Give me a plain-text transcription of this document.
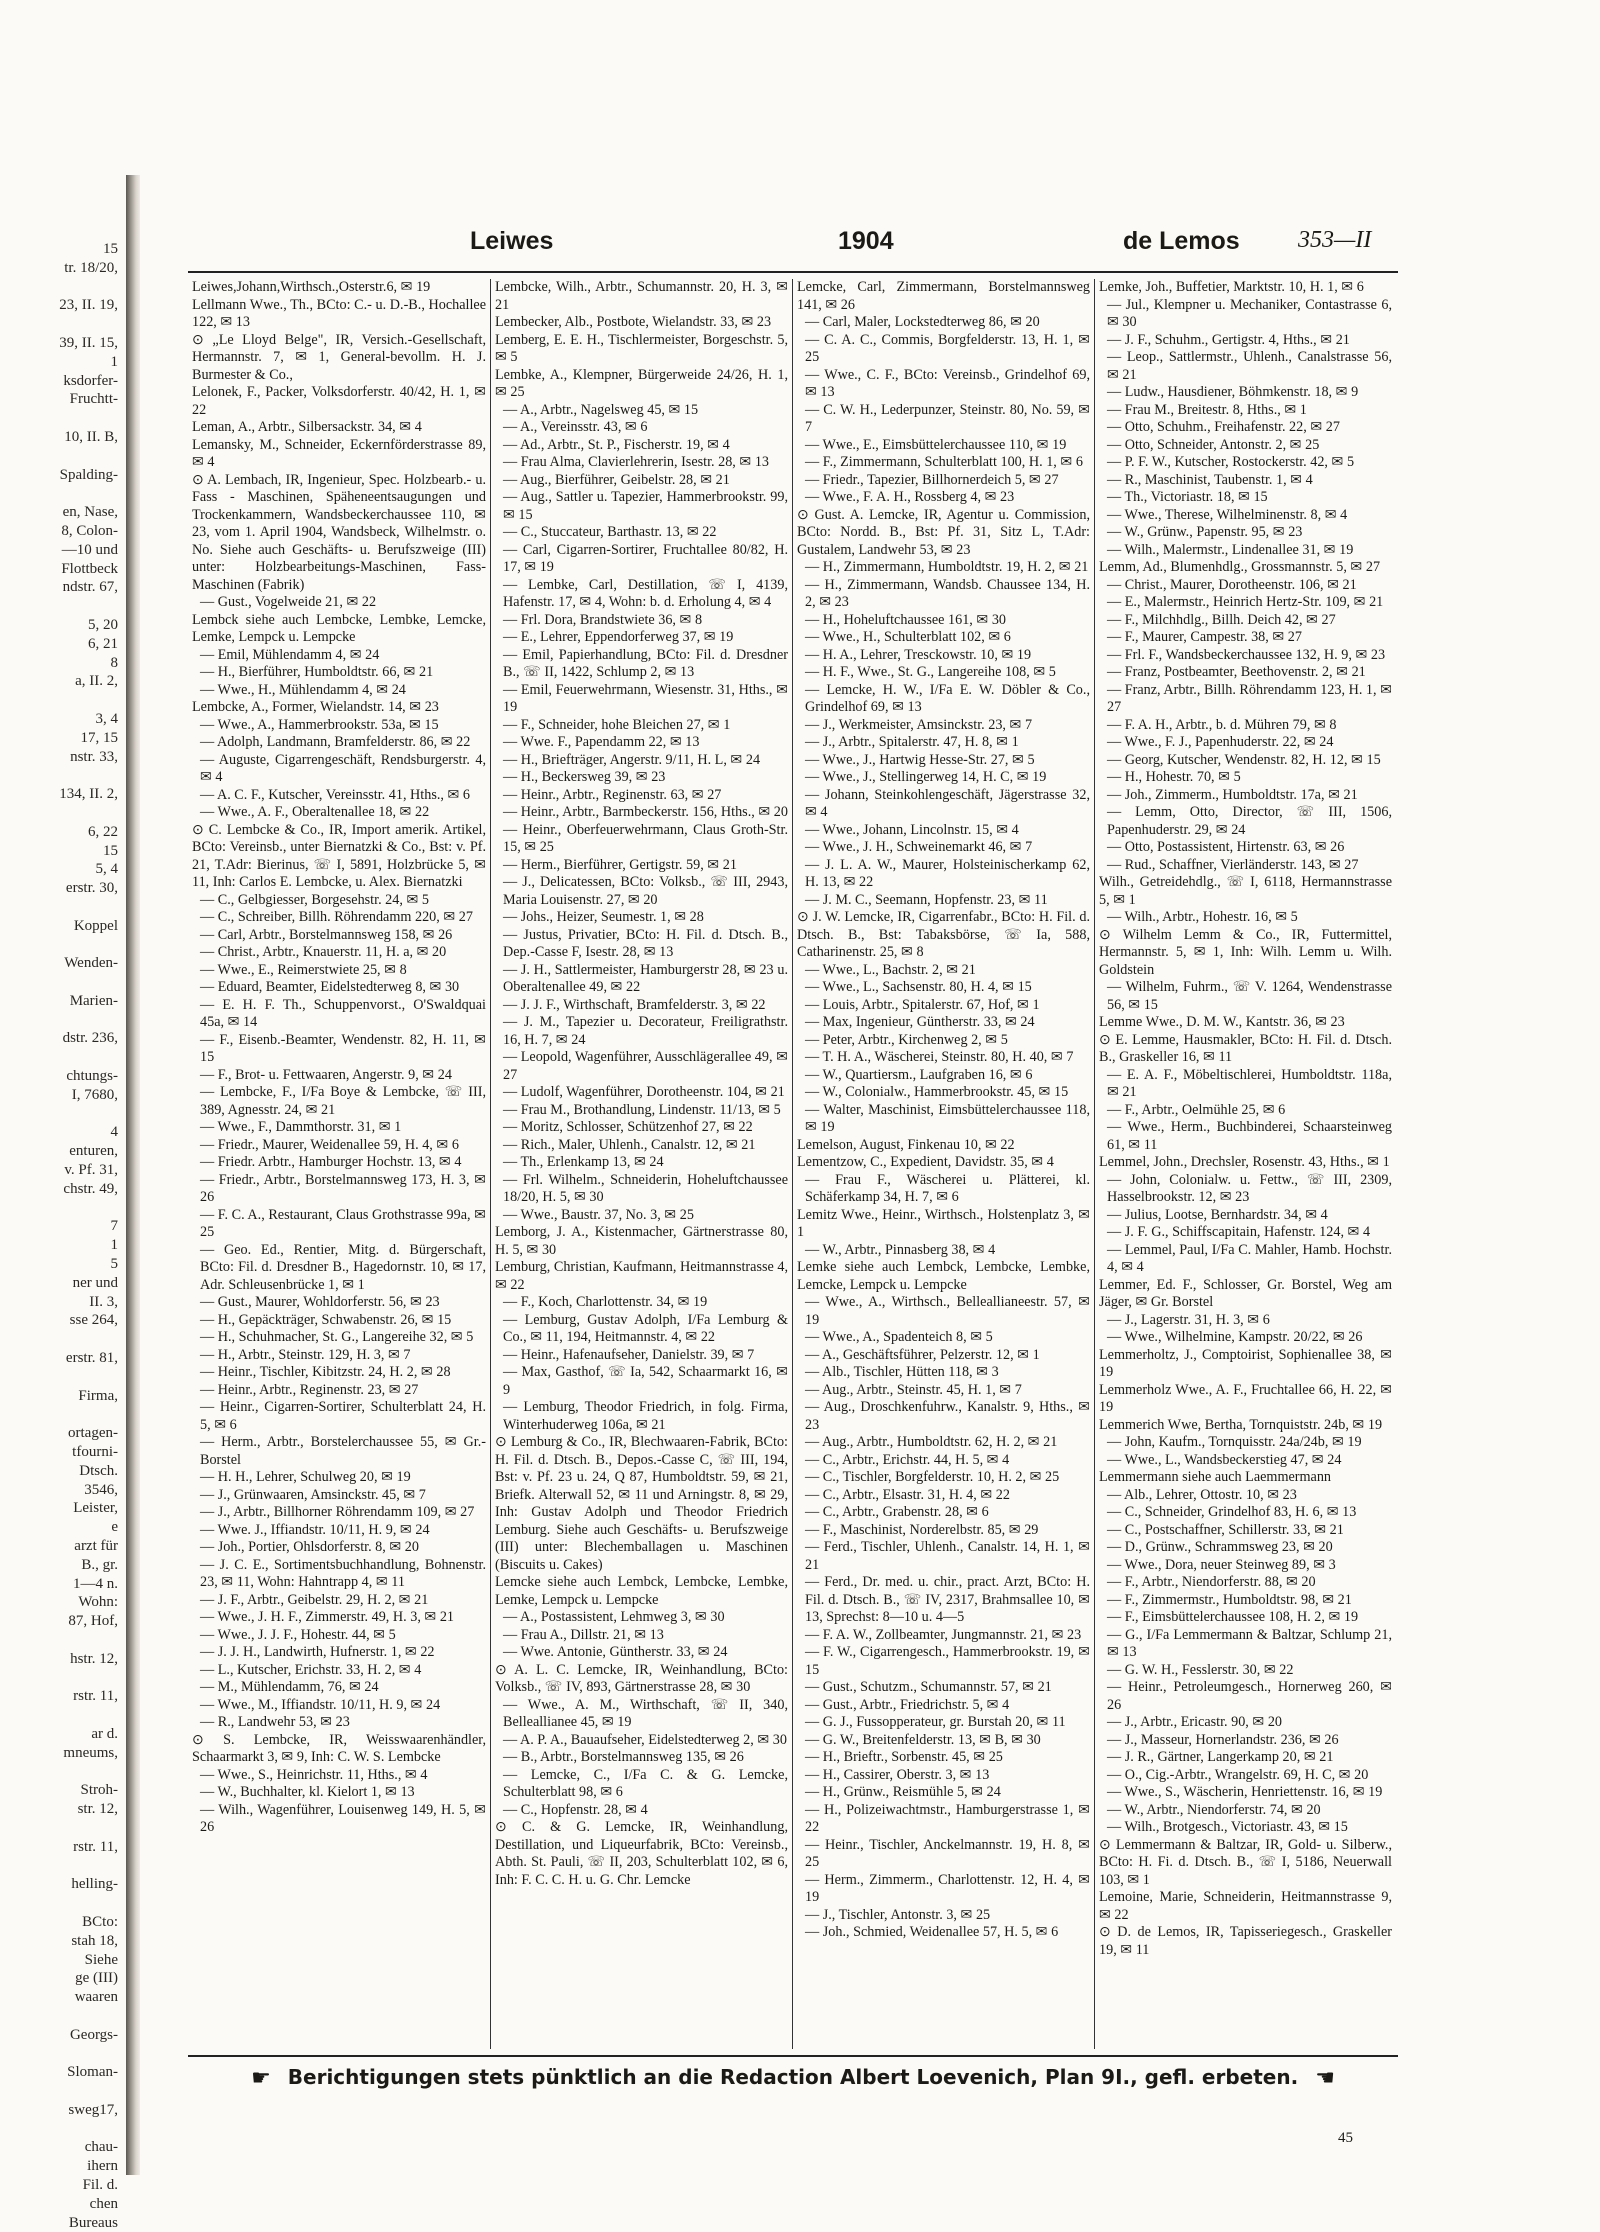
15
tr. 18/20,

23, II. 19,

39, II. 15,
1
ksdorfer-
Fruchtt-

10, II. B,

Spalding-

en, Nase,
8, Colon-
—10 und
Flottbeck
ndstr. 67,

5, 20
6, 21
8
a, II. 2,

3, 4
17, 15
nstr. 33,

134, II. 2,

6, 22
15
5, 4
erstr. 30,

Koppel

Wenden-

Marien-

dstr. 236,

chtungs-
I, 7680,

4
enturen,
v. Pf. 31,
chstr. 49,

7
1
5
ner und
II. 3,
sse 264,

erstr. 81,

Firma,

ortagen-
tfourni-
Dtsch.
3546,
Leister,
e
arzt für
B., gr.
1—4 n.
Wohn:
87, Hof,

hstr. 12,

rstr. 11,

ar d.
mneums,

Stroh-
str. 12,

rstr. 11,

helling-

BCto:
stah 18,
Siehe
ge (III)
waaren

Georgs-

Sloman-

sweg17,

chau-
ihern
Fil. d.
chen
Bureaus
Leiwes	1904	de Lemos 353—II

Leiwes,Johann,Wirthsch.,Osterstr.6, ✉ 19

Lellmann Wwe., Th., BCto: C.- u. D.-B., Hochallee 122, ✉ 13

⊙ „Le Lloyd Belge", IR, Versich.-Gesellschaft, Hermannstr. 7, ✉ 1, General-bevollm. H. J. Burmester & Co.,

Lelonek, F., Packer, Volksdorferstr. 40/42, H. 1, ✉ 22

Leman, A., Arbtr., Silbersackstr. 34, ✉ 4

Lemansky, M., Schneider, Eckernförderstrasse 89, ✉ 4

⊙ A. Lembach, IR, Ingenieur, Spec. Holzbearb.- u. Fass - Maschinen, Späheneentsaugungen und Trockenkammern, Wandsbeckerchaussee 110, ✉ 23, vom 1. April 1904, Wandsbeck, Wilhelmstr. o. No. Siehe auch Geschäfts- u. Berufszweige (III) unter: Holzbearbeitungs-Maschinen, Fass-Maschinen (Fabrik)

— Gust., Vogelweide 21, ✉ 22

Lembck siehe auch Lembcke, Lembke, Lemcke, Lemke, Lempck u. Lempcke

— Emil, Mühlendamm 4, ✉ 24

— H., Bierführer, Humboldtstr. 66, ✉ 21

— Wwe., H., Mühlendamm 4, ✉ 24

Lembcke, A., Former, Wielandstr. 14, ✉ 23

— Wwe., A., Hammerbrookstr. 53a, ✉ 15

— Adolph, Landmann, Bramfelderstr. 86, ✉ 22

— Auguste, Cigarrengeschäft, Rendsburgerstr. 4, ✉ 4

— A. C. F., Kutscher, Vereinsstr. 41, Hths., ✉ 6

— Wwe., A. F., Oberaltenallee 18, ✉ 22

⊙ C. Lembcke & Co., IR, Import amerik. Artikel, BCto: Vereinsb., unter Biernatzki & Co., Bst: v. Pf. 21, T.Adr: Bierinus, ☏ I, 5891, Holzbrücke 5, ✉ 11, Inh: Carlos E. Lembcke, u. Alex. Biernatzki

— C., Gelbgiesser, Borgesehstr. 24, ✉ 5

— C., Schreiber, Billh. Röhrendamm 220, ✉ 27

— Carl, Arbtr., Borstelmannsweg 158, ✉ 26

— Christ., Arbtr., Knauerstr. 11, H. a, ✉ 20

— Wwe., E., Reimerstwiete 25, ✉ 8

— Eduard, Beamter, Eidelstedterweg 8, ✉ 30

— E. H. F. Th., Schuppenvorst., O'Swaldquai 45a, ✉ 14

— F., Eisenb.-Beamter, Wendenstr. 82, H. 11, ✉ 15

— F., Brot- u. Fettwaaren, Angerstr. 9, ✉ 24

— Lembcke, F., I/Fa Boye & Lembcke, ☏ III, 389, Agnesstr. 24, ✉ 21

— Wwe., F., Dammthorstr. 31, ✉ 1

— Friedr., Maurer, Weidenallee 59, H. 4, ✉ 6

— Friedr. Arbtr., Hamburger Hochstr. 13, ✉ 4

— Friedr., Arbtr., Borstelmannsweg 173, H. 3, ✉ 26

— F. C. A., Restaurant, Claus Grothstrasse 99a, ✉ 25

— Geo. Ed., Rentier, Mitg. d. Bürgerschaft, BCto: Fil. d. Dresdner B., Hagedornstr. 10, ✉ 17, Adr. Schleusenbrücke 1, ✉ 1

— Gust., Maurer, Wohldorferstr. 56, ✉ 23

— H., Gepäckträger, Schwabenstr. 26, ✉ 15

— H., Schuhmacher, St. G., Langereihe 32, ✉ 5

— H., Arbtr., Steinstr. 129, H. 3, ✉ 7

— Heinr., Tischler, Kibitzstr. 24, H. 2, ✉ 28

— Heinr., Arbtr., Reginenstr. 23, ✉ 27

— Heinr., Cigarren-Sortirer, Schulterblatt 24, H. 5, ✉ 6

— Herm., Arbtr., Borstelerchaussee 55, ✉ Gr.-Borstel

— H. H., Lehrer, Schulweg 20, ✉ 19

— J., Grünwaaren, Amsinckstr. 45, ✉ 7

— J., Arbtr., Billhorner Röhrendamm 109, ✉ 27

— Wwe. J., Iffiandstr. 10/11, H. 9, ✉ 24

— Joh., Portier, Ohlsdorferstr. 8, ✉ 20

— J. C. E., Sortimentsbuchhandlung, Bohnenstr. 23, ✉ 11, Wohn: Hahntrapp 4, ✉ 11

— J. F., Arbtr., Geibelstr. 29, H. 2, ✉ 21

— Wwe., J. H. F., Zimmerstr. 49, H. 3, ✉ 21

— Wwe., J. J. F., Hohestr. 44, ✉ 5

— J. J. H., Landwirth, Hufnerstr. 1, ✉ 22

— L., Kutscher, Erichstr. 33, H. 2, ✉ 4

— M., Mühlendamm, 76, ✉ 24

— Wwe., M., Iffiandstr. 10/11, H. 9, ✉ 24

— R., Landwehr 53, ✉ 23

⊙ S. Lembcke, IR, Weisswaarenhändler, Schaarmarkt 3, ✉ 9, Inh: C. W. S. Lembcke

— Wwe., S., Heinrichstr. 11, Hths., ✉ 4

— W., Buchhalter, kl. Kielort 1, ✉ 13

— Wilh., Wagenführer, Louisenweg 149, H. 5, ✉ 26

Lembcke, Wilh., Arbtr., Schumannstr. 20, H. 3, ✉ 21

Lembecker, Alb., Postbote, Wielandstr. 33, ✉ 23

Lemberg, E. E. H., Tischlermeister, Borgeschstr. 5, ✉ 5

Lembke, A., Klempner, Bürgerweide 24/26, H. 1, ✉ 25

— A., Arbtr., Nagelsweg 45, ✉ 15

— A., Vereinsstr. 43, ✉ 6

— Ad., Arbtr., St. P., Fischerstr. 19, ✉ 4

— Frau Alma, Clavierlehrerin, Isestr. 28, ✉ 13

— Aug., Bierführer, Geibelstr. 28, ✉ 21

— Aug., Sattler u. Tapezier, Hammerbrookstr. 99, ✉ 15

— C., Stuccateur, Barthastr. 13, ✉ 22

— Carl, Cigarren-Sortirer, Fruchtallee 80/82, H. 17, ✉ 19

— Lembke, Carl, Destillation, ☏ I, 4139, Hafenstr. 17, ✉ 4, Wohn: b. d. Erholung 4, ✉ 4

— Frl. Dora, Brandstwiete 36, ✉ 8

— E., Lehrer, Eppendorferweg 37, ✉ 19

— Emil, Papierhandlung, BCto: Fil. d. Dresdner B., ☏ II, 1422, Schlump 2, ✉ 13

— Emil, Feuerwehrmann, Wiesenstr. 31, Hths., ✉ 19

— F., Schneider, hohe Bleichen 27, ✉ 1

— Wwe. F., Papendamm 22, ✉ 13

— H., Briefträger, Angerstr. 9/11, H. L, ✉ 24

— H., Beckersweg 39, ✉ 23

— Heinr., Arbtr., Reginenstr. 63, ✉ 27

— Heinr., Arbtr., Barmbeckerstr. 156, Hths., ✉ 20

— Heinr., Oberfeuerwehrmann, Claus Groth-Str. 15, ✉ 25

— Herm., Bierführer, Gertigstr. 59, ✉ 21

— J., Delicatessen, BCto: Volksb., ☏ III, 2943, Maria Louisenstr. 27, ✉ 20

— Johs., Heizer, Seumestr. 1, ✉ 28

— Justus, Privatier, BCto: H. Fil. d. Dtsch. B., Dep.-Casse F, Isestr. 28, ✉ 13

— J. H., Sattlermeister, Hamburgerstr 28, ✉ 23 u. Oberaltenallee 49, ✉ 22

— J. J. F., Wirthschaft, Bramfelderstr. 3, ✉ 22

— J. M., Tapezier u. Decorateur, Freiligrathstr. 16, H. 7, ✉ 24

— Leopold, Wagenführer, Ausschlägerallee 49, ✉ 27

— Ludolf, Wagenführer, Dorotheenstr. 104, ✉ 21

— Frau M., Brothandlung, Lindenstr. 11/13, ✉ 5

— Moritz, Schlosser, Schützenhof 27, ✉ 22

— Rich., Maler, Uhlenh., Canalstr. 12, ✉ 21

— Th., Erlenkamp 13, ✉ 24

— Frl. Wilhelm., Schneiderin, Hoheluftchaussee 18/20, H. 5, ✉ 30

— Wwe., Baustr. 37, No. 3, ✉ 25

Lemborg, J. A., Kistenmacher, Gärtnerstrasse 80, H. 5, ✉ 30

Lemburg, Christian, Kaufmann, Heitmannstrasse 4, ✉ 22

— F., Koch, Charlottenstr. 34, ✉ 19

— Lemburg, Gustav Adolph, I/Fa Lemburg & Co., ✉ 11, 194, Heitmannstr. 4, ✉ 22

— Heinr., Hafenaufseher, Danielstr. 39, ✉ 7

— Max, Gasthof, ☏ Ia, 542, Schaarmarkt 16, ✉ 9

— Lemburg, Theodor Friedrich, in folg. Firma, Winterhuderweg 106a, ✉ 21

⊙ Lemburg & Co., IR, Blechwaaren-Fabrik, BCto: H. Fil. d. Dtsch. B., Depos.-Casse C, ☏ III, 194, Bst: v. Pf. 23 u. 24, Q 87, Humboldtstr. 59, ✉ 21, Briefk. Alterwall 52, ✉ 11 und Arningstr. 8, ✉ 29, Inh: Gustav Adolph und Theodor Friedrich Lemburg. Siehe auch Geschäfts- u. Berufszweige (III) unter: Blechemballagen u. Maschinen (Biscuits u. Cakes)

Lemcke siehe auch Lembck, Lembcke, Lembke, Lemke, Lempck u. Lempcke

— A., Postassistent, Lehmweg 3, ✉ 30

— Frau A., Dillstr. 21, ✉ 13

— Wwe. Antonie, Güntherstr. 33, ✉ 24

⊙ A. L. C. Lemcke, IR, Weinhandlung, BCto: Volksb., ☏ IV, 893, Gärtnerstrasse 28, ✉ 30

— Wwe., A. M., Wirthschaft, ☏ II, 340, Belleallianee 45, ✉ 19

— A. P. A., Bauaufseher, Eidelstedterweg 2, ✉ 30

— B., Arbtr., Borstelmannsweg 135, ✉ 26

— Lemcke, C., I/Fa C. & G. Lemcke, Schulterblatt 98, ✉ 6

— C., Hopfenstr. 28, ✉ 4

⊙ C. & G. Lemcke, IR, Weinhandlung, Destillation, und Liqueurfabrik, BCto: Vereinsb., Abth. St. Pauli, ☏ II, 203, Schulterblatt 102, ✉ 6, Inh: F. C. C. H. u. G. Chr. Lemcke

Lemcke, Carl, Zimmermann, Borstelmannsweg 141, ✉ 26

— Carl, Maler, Lockstedterweg 86, ✉ 20

— C. A. C., Commis, Borgfelderstr. 13, H. 1, ✉ 25

— Wwe., C. F., BCto: Vereinsb., Grindelhof 69, ✉ 13

— C. W. H., Lederpunzer, Steinstr. 80, No. 59, ✉ 7

— Wwe., E., Eimsbüttelerchaussee 110, ✉ 19

— F., Zimmermann, Schulterblatt 100, H. 1, ✉ 6

— Friedr., Tapezier, Billhornerdeich 5, ✉ 27

— Wwe., F. A. H., Rossberg 4, ✉ 23

⊙ Gust. A. Lemcke, IR, Agentur u. Commission, BCto: Nordd. B., Bst: Pf. 31, Sitz L, T.Adr: Gustalem, Landwehr 53, ✉ 23

— H., Zimmermann, Humboldtstr. 19, H. 2, ✉ 21

— H., Zimmermann, Wandsb. Chaussee 134, H. 2, ✉ 23

— H., Hoheluftchaussee 161, ✉ 30

— Wwe., H., Schulterblatt 102, ✉ 6

— H. A., Lehrer, Tresckowstr. 10, ✉ 19

— H. F., Wwe., St. G., Langereihe 108, ✉ 5

— Lemcke, H. W., I/Fa E. W. Döbler & Co., Grindelhof 69, ✉ 13

— J., Werkmeister, Amsinckstr. 23, ✉ 7

— J., Arbtr., Spitalerstr. 47, H. 8, ✉ 1

— Wwe., J., Hartwig Hesse-Str. 27, ✉ 5

— Wwe., J., Stellingerweg 14, H. C, ✉ 19

— Johann, Steinkohlengeschäft, Jägerstrasse 32, ✉ 4

— Wwe., Johann, Lincolnstr. 15, ✉ 4

— Wwe., J. H., Schweinemarkt 46, ✉ 7

— J. L. A. W., Maurer, Holsteinischerkamp 62, H. 13, ✉ 22

— J. M. C., Seemann, Hopfenstr. 23, ✉ 11

⊙ J. W. Lemcke, IR, Cigarrenfabr., BCto: H. Fil. d. Dtsch. B., Bst: Tabaksbörse, ☏ Ia, 588, Catharinenstr. 25, ✉ 8

— Wwe., L., Bachstr. 2, ✉ 21

— Wwe., L., Sachsenstr. 80, H. 4, ✉ 15

— Louis, Arbtr., Spitalerstr. 67, Hof, ✉ 1

— Max, Ingenieur, Güntherstr. 33, ✉ 24

— Peter, Arbtr., Kirchenweg 2, ✉ 5

— T. H. A., Wäscherei, Steinstr. 80, H. 40, ✉ 7

— W., Quartiersm., Laufgraben 16, ✉ 6

— W., Colonialw., Hammerbrookstr. 45, ✉ 15

— Walter, Maschinist, Eimsbüttelerchaussee 118, ✉ 19

Lemelson, August, Finkenau 10, ✉ 22

Lementzow, C., Expedient, Davidstr. 35, ✉ 4

— Frau F., Wäscherei u. Plätterei, kl. Schäferkamp 34, H. 7, ✉ 6

Lemitz Wwe., Heinr., Wirthsch., Holstenplatz 3, ✉ 1

— W., Arbtr., Pinnasberg 38, ✉ 4

Lemke siehe auch Lembck, Lembcke, Lembke, Lemcke, Lempck u. Lempcke

— Wwe., A., Wirthsch., Belleallianeestr. 57, ✉ 19

— Wwe., A., Spadenteich 8, ✉ 5

— A., Geschäftsführer, Pelzerstr. 12, ✉ 1

— Alb., Tischler, Hütten 118, ✉ 3

— Aug., Arbtr., Steinstr. 45, H. 1, ✉ 7

— Aug., Droschkenfuhrw., Kanalstr. 9, Hths., ✉ 23

— Aug., Arbtr., Humboldtstr. 62, H. 2, ✉ 21

— C., Arbtr., Erichstr. 44, H. 5, ✉ 4

— C., Tischler, Borgfelderstr. 10, H. 2, ✉ 25

— C., Arbtr., Elsastr. 31, H. 4, ✉ 22

— C., Arbtr., Grabenstr. 28, ✉ 6

— F., Maschinist, Norderelbstr. 85, ✉ 29

— Ferd., Tischler, Uhlenh., Canalstr. 14, H. 1, ✉ 21

— Ferd., Dr. med. u. chir., pract. Arzt, BCto: H. Fil. d. Dtsch. B., ☏ IV, 2317, Brahmsallee 10, ✉ 13, Sprechst: 8—10 u. 4—5

— F. A. W., Zollbeamter, Jungmannstr. 21, ✉ 23

— F. W., Cigarrengesch., Hammerbrookstr. 19, ✉ 15

— Gust., Schutzm., Schumannstr. 57, ✉ 21

— Gust., Arbtr., Friedrichstr. 5, ✉ 4

— G. J., Fussopperateur, gr. Burstah 20, ✉ 11

— G. W., Breitenfelderstr. 13, ✉ B, ✉ 30

— H., Brieftr., Sorbenstr. 45, ✉ 25

— H., Cassirer, Oberstr. 3, ✉ 13

— H., Grünw., Reismühle 5, ✉ 24

— H., Polizeiwachtmstr., Hamburgerstrasse 1, ✉ 22

— Heinr., Tischler, Anckelmannstr. 19, H. 8, ✉ 25

— Herm., Zimmerm., Charlottenstr. 12, H. 4, ✉ 19

— J., Tischler, Antonstr. 3, ✉ 25

— Joh., Schmied, Weidenallee 57, H. 5, ✉ 6

Lemke, Joh., Buffetier, Marktstr. 10, H. 1, ✉ 6

— Jul., Klempner u. Mechaniker, Contastrasse 6, ✉ 30

— J. F., Schuhm., Gertigstr. 4, Hths., ✉ 21

— Leop., Sattlermstr., Uhlenh., Canalstrasse 56, ✉ 21

— Ludw., Hausdiener, Böhmkenstr. 18, ✉ 9

— Frau M., Breitestr. 8, Hths., ✉ 1

— Otto, Schuhm., Freihafenstr. 22, ✉ 27

— Otto, Schneider, Antonstr. 2, ✉ 25

— P. F. W., Kutscher, Rostockerstr. 42, ✉ 5

— R., Maschinist, Taubenstr. 1, ✉ 4

— Th., Victoriastr. 18, ✉ 15

— Wwe., Therese, Wilhelminenstr. 8, ✉ 4

— W., Grünw., Papenstr. 95, ✉ 23

— Wilh., Malermstr., Lindenallee 31, ✉ 19

Lemm, Ad., Blumenhdlg., Grossmannstr. 5, ✉ 27

— Christ., Maurer, Dorotheenstr. 106, ✉ 21

— E., Malermstr., Heinrich Hertz-Str. 109, ✉ 21

— F., Milchhdlg., Billh. Deich 42, ✉ 27

— F., Maurer, Campestr. 38, ✉ 27

— Frl. F., Wandsbeckerchaussee 132, H. 9, ✉ 23

— Franz, Postbeamter, Beethovenstr. 2, ✉ 21

— Franz, Arbtr., Billh. Röhrendamm 123, H. 1, ✉ 27

— F. A. H., Arbtr., b. d. Mühren 79, ✉ 8

— Wwe., F. J., Papenhuderstr. 22, ✉ 24

— Georg, Kutscher, Wendenstr. 82, H. 12, ✉ 15

— H., Hohestr. 70, ✉ 5

— Joh., Zimmerm., Humboldtstr. 17a, ✉ 21

— Lemm, Otto, Director, ☏ III, 1506, Papenhuderstr. 29, ✉ 24

— Otto, Postassistent, Hirtenstr. 63, ✉ 26

— Rud., Schaffner, Vierländerstr. 143, ✉ 27

Wilh., Getreidehdlg., ☏ I, 6118, Hermannstrasse 5, ✉ 1

— Wilh., Arbtr., Hohestr. 16, ✉ 5

⊙ Wilhelm Lemm & Co., IR, Futtermittel, Hermannstr. 5, ✉ 1, Inh: Wilh. Lemm u. Wilh. Goldstein

— Wilhelm, Fuhrm., ☏ V. 1264, Wendenstrasse 56, ✉ 15

Lemme Wwe., D. M. W., Kantstr. 36, ✉ 23

⊙ E. Lemme, Hausmakler, BCto: H. Fil. d. Dtsch. B., Graskeller 16, ✉ 11

— E. A. F., Möbeltischlerei, Humboldtstr. 118a, ✉ 21

— F., Arbtr., Oelmühle 25, ✉ 6

— Wwe., Herm., Buchbinderei, Schaarsteinweg 61, ✉ 11

Lemmel, John., Drechsler, Rosenstr. 43, Hths., ✉ 1

— John, Colonialw. u. Fettw., ☏ III, 2309, Hasselbrookstr. 12, ✉ 23

— Julius, Lootse, Bernhardstr. 34, ✉ 4

— J. F. G., Schiffscapitain, Hafenstr. 124, ✉ 4

— Lemmel, Paul, I/Fa C. Mahler, Hamb. Hochstr. 4, ✉ 4

Lemmer, Ed. F., Schlosser, Gr. Borstel, Weg am Jäger, ✉ Gr. Borstel

— J., Lagerstr. 31, H. 3, ✉ 6

— Wwe., Wilhelmine, Kampstr. 20/22, ✉ 26

Lemmerholtz, J., Comptoirist, Sophienallee 38, ✉ 19

Lemmerholz Wwe., A. F., Fruchtallee 66, H. 22, ✉ 19

Lemmerich Wwe, Bertha, Tornquiststr. 24b, ✉ 19

— John, Kaufm., Tornquisstr. 24a/24b, ✉ 19

— Wwe., L., Wandsbeckerstieg 47, ✉ 24

Lemmermann siehe auch Laemmermann

— Alb., Lehrer, Ottostr. 10, ✉ 23

— C., Schneider, Grindelhof 83, H. 6, ✉ 13

— C., Postschaffner, Schillerstr. 33, ✉ 21

— D., Grünw., Schrammsweg 23, ✉ 20

— Wwe., Dora, neuer Steinweg 89, ✉ 3

— F., Arbtr., Niendorferstr. 88, ✉ 20

— F., Zimmermstr., Humboldtstr. 98, ✉ 21

— F., Eimsbüttelerchaussee 108, H. 2, ✉ 19

— G., I/Fa Lemmermann & Baltzar, Schlump 21, ✉ 13

— G. W. H., Fesslerstr. 30, ✉ 22

— Heinr., Petroleumgesch., Hornerweg 260, ✉ 26

— J., Arbtr., Ericastr. 90, ✉ 20

— J., Masseur, Hornerlandstr. 236, ✉ 26

— J. R., Gärtner, Langerkamp 20, ✉ 21

— O., Cig.-Arbtr., Wrangelstr. 69, H. C, ✉ 20

— Wwe., S., Wäscherin, Henriettenstr. 16, ✉ 19

— W., Arbtr., Niendorferstr. 74, ✉ 20

— Wilh., Brotgesch., Victoriastr. 43, ✉ 15

⊙ Lemmermann & Baltzar, IR, Gold- u. Silberw., BCto: H. Fi. d. Dtsch. B., ☏ I, 5186, Neuerwall 103, ✉ 1

Lemoine, Marie, Schneiderin, Heitmannstrasse 9, ✉ 22

⊙ D. de Lemos, IR, Tapisseriegesch., Graskeller 19, ✉ 11

☛ Berichtigungen stets pünktlich an die Redaction Albert Loevenich, Plan 9I., gefl. erbeten. ☚
45
